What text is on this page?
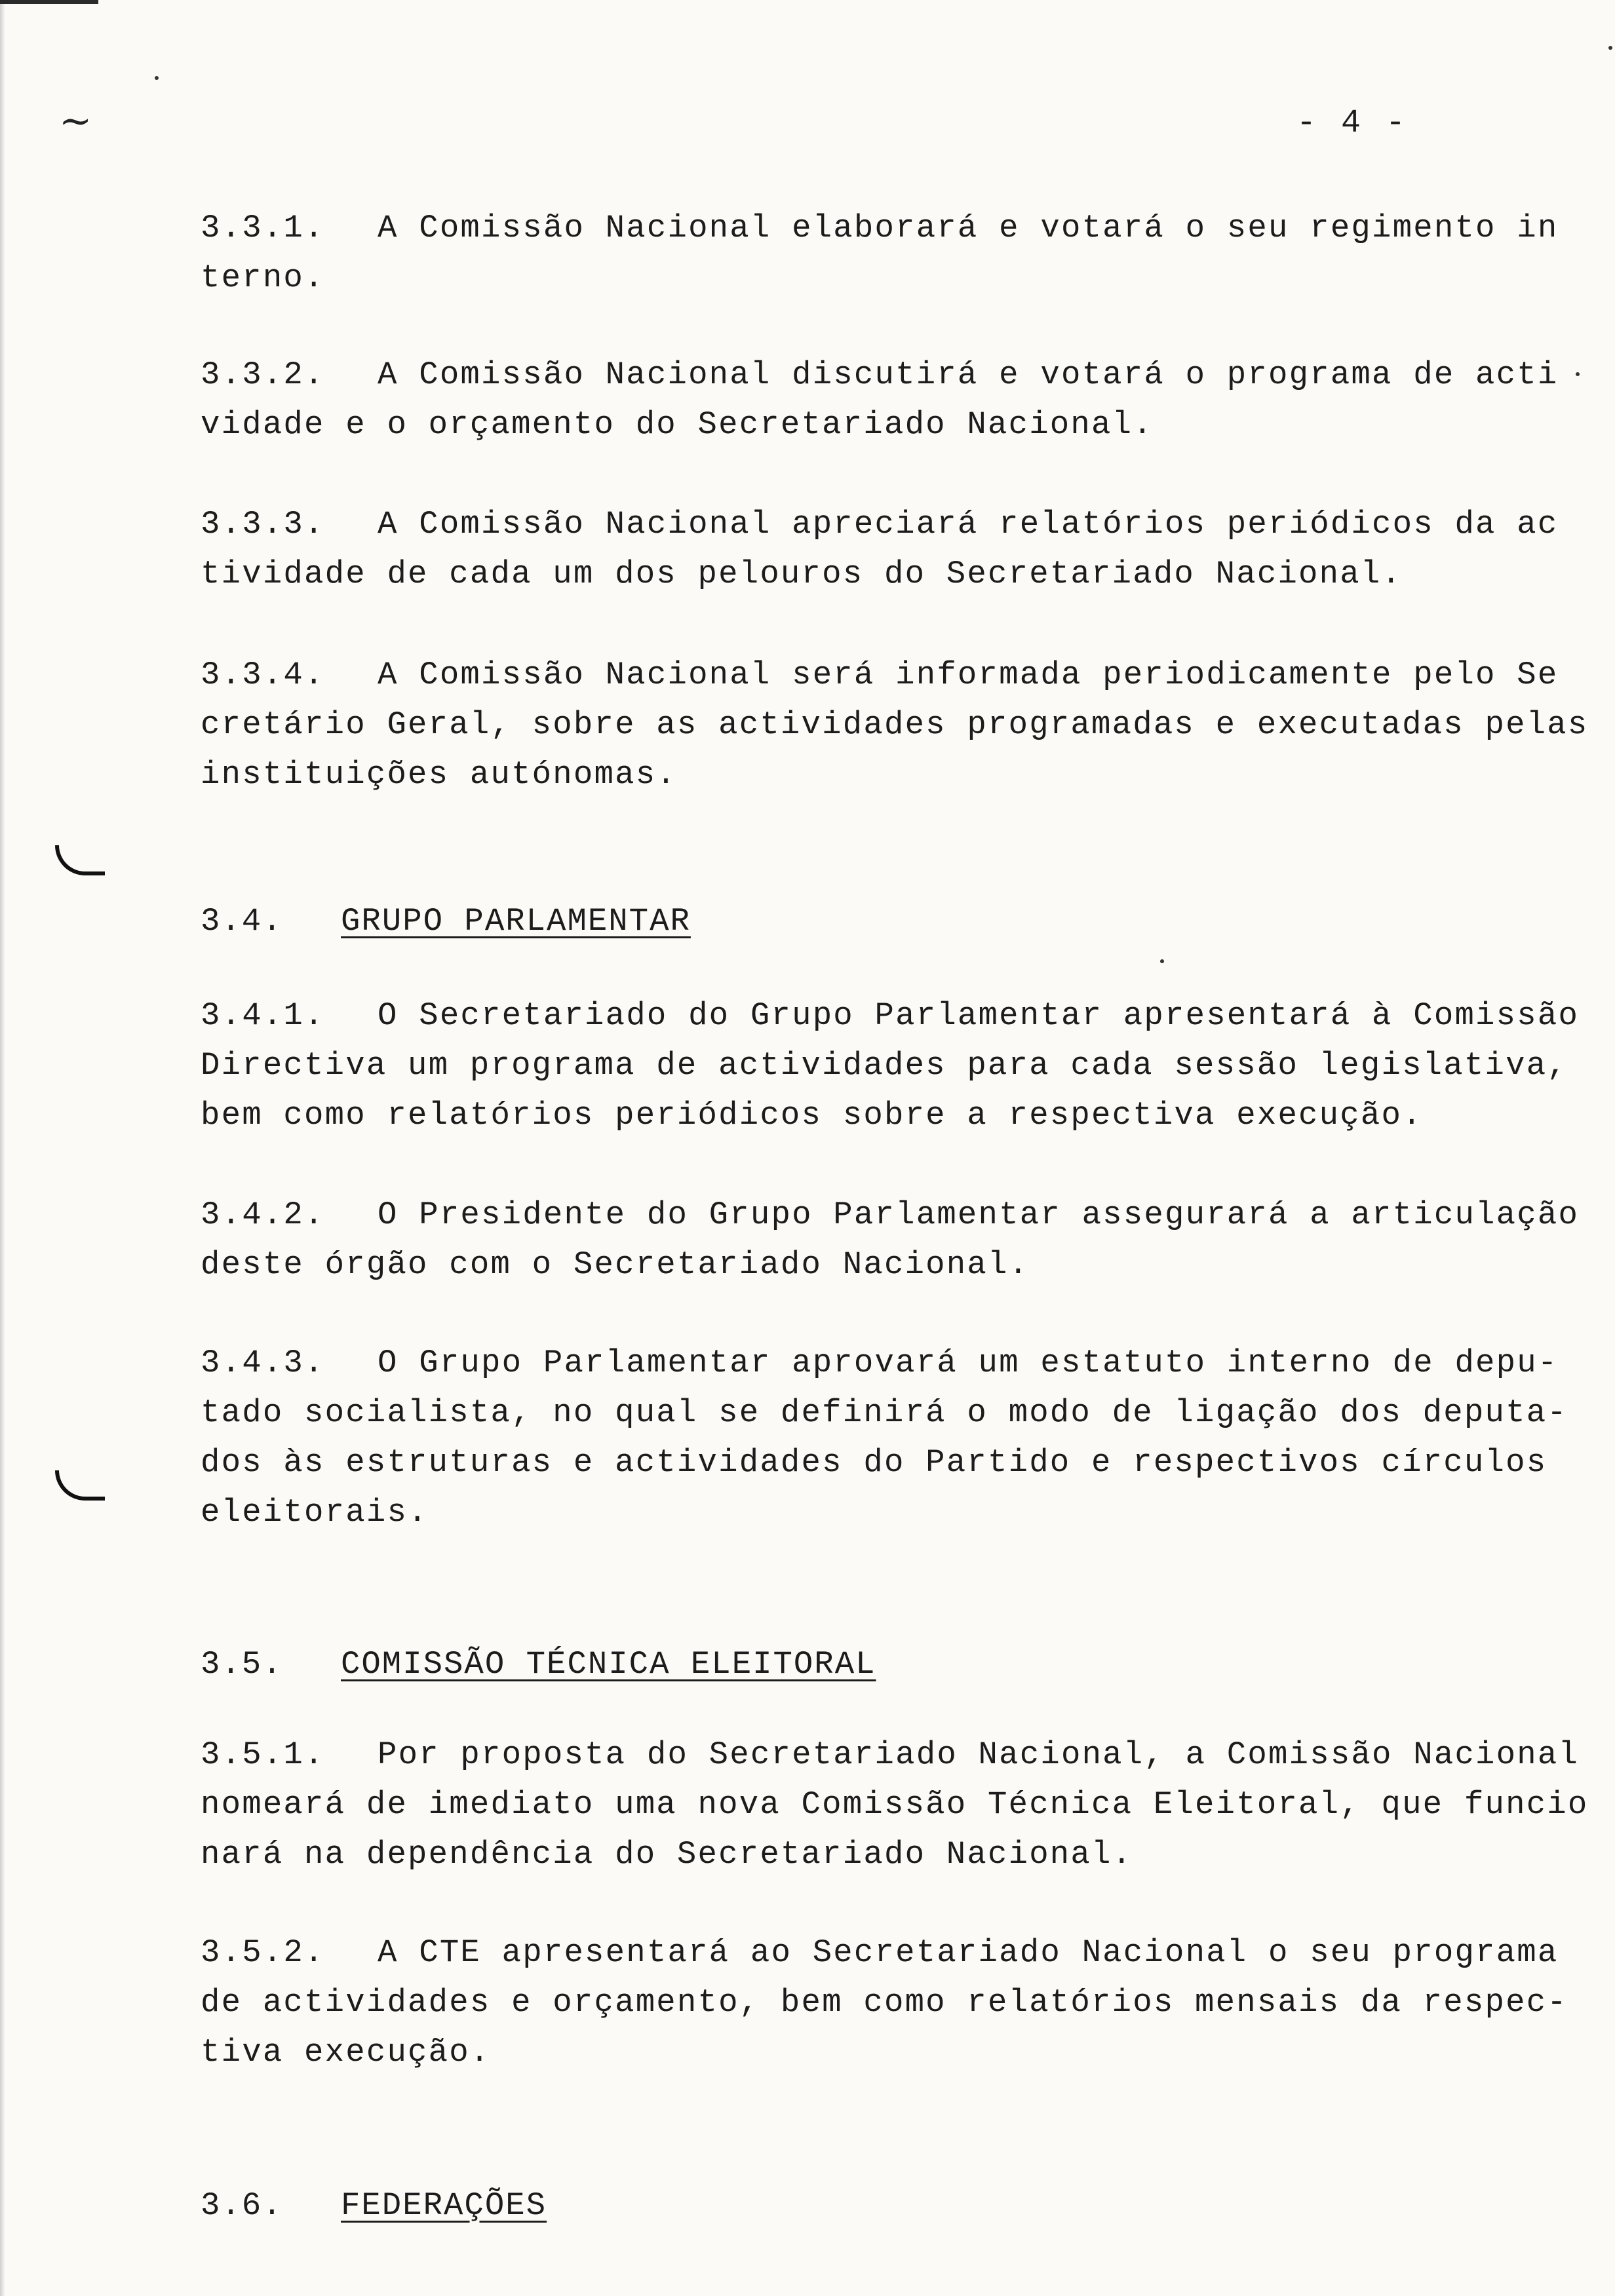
- 4 -

3.3.1. A Comissão Nacional elaborará e votará o seu regimento in
terno.

3.3.2. A Comissão Nacional discutirá e votará o programa de acti
vidade e o orçamento do Secretariado Nacional.

3.3.3. A Comissão Nacional apreciará relatórios periódicos da ac
tividade de cada um dos pelouros do Secretariado Nacional.

3.3.4. A Comissão Nacional será informada periodicamente pelo Se
cretário Geral, sobre as actividades programadas e executadas pelas
instituições autónomas.

3.4. GRUPO PARLAMENTAR

3.4.1. O Secretariado do Grupo Parlamentar apresentará à Comissão
Directiva um programa de actividades para cada sessão legislativa,
bem como relatórios periódicos sobre a respectiva execução.

3.4.2. O Presidente do Grupo Parlamentar assegurará a articulação
deste órgão com o Secretariado Nacional.

3.4.3. O Grupo Parlamentar aprovará um estatuto interno de depu-
tado socialista, no qual se definirá o modo de ligação dos deputa-
dos às estruturas e actividades do Partido e respectivos círculos
eleitorais.

3.5. COMISSÃO TÉCNICA ELEITORAL

3.5.1. Por proposta do Secretariado Nacional, a Comissão Nacional
nomeará de imediato uma nova Comissão Técnica Eleitoral, que funcio
nará na dependência do Secretariado Nacional.

3.5.2. A CTE apresentará ao Secretariado Nacional o seu programa
de actividades e orçamento, bem como relatórios mensais da respec-
tiva execução.

3.6. FEDERAÇÕES
~
